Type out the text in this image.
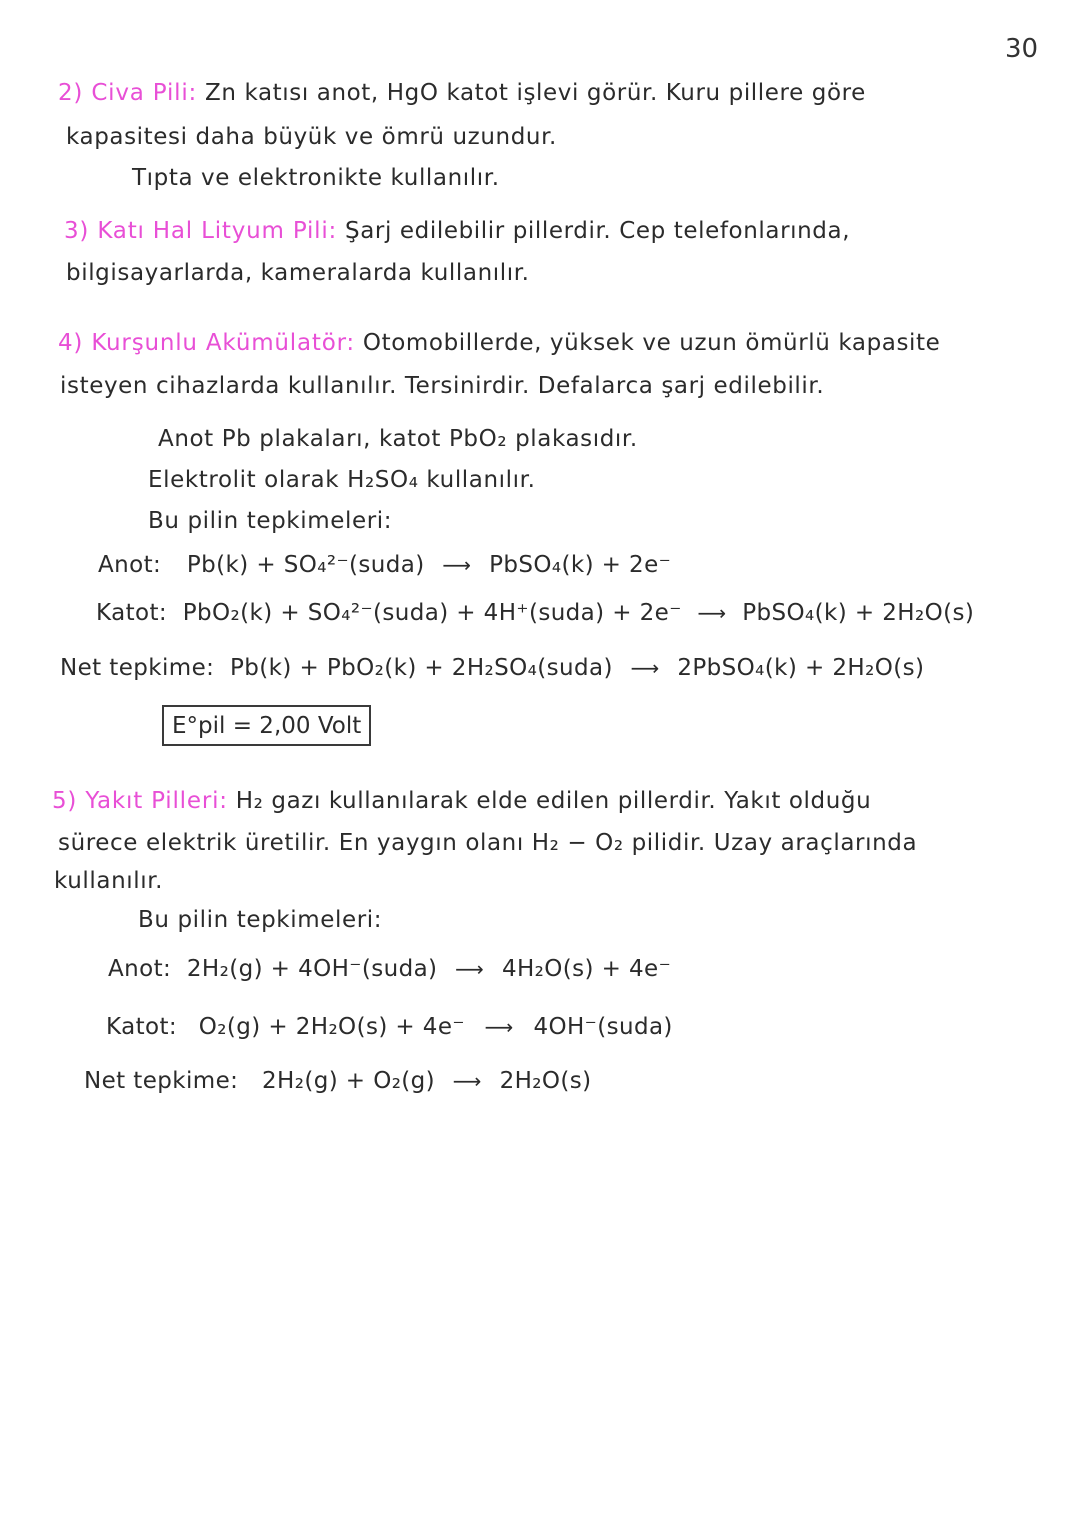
30
2) Civa Pili: Zn katısı anot, HgO katot işlevi görür. Kuru pillere göre
kapasitesi daha büyük ve ömrü uzundur.
Tıpta ve elektronikte kullanılır.
3) Katı Hal Lityum Pili: Şarj edilebilir pillerdir. Cep telefonlarında,
bilgisayarlarda, kameralarda kullanılır.
4) Kurşunlu Akümülatör: Otomobillerde, yüksek ve uzun ömürlü kapasite
isteyen cihazlarda kullanılır. Tersinirdir. Defalarca şarj edilebilir.
Anot Pb plakaları, katot PbO₂ plakasıdır.
Elektrolit olarak H₂SO₄ kullanılır.
Bu pilin tepkimeleri:
Anot: Pb(k) + SO₄²⁻(suda) ⟶ PbSO₄(k) + 2e⁻
Katot: PbO₂(k) + SO₄²⁻(suda) + 4H⁺(suda) + 2e⁻ ⟶ PbSO₄(k) + 2H₂O(s)
Net tepkime: Pb(k) + PbO₂(k) + 2H₂SO₄(suda) ⟶ 2PbSO₄(k) + 2H₂O(s)
E°pil = 2,00 Volt
5) Yakıt Pilleri: H₂ gazı kullanılarak elde edilen pillerdir. Yakıt olduğu
sürece elektrik üretilir. En yaygın olanı H₂ − O₂ pilidir. Uzay araçlarında
kullanılır.
Bu pilin tepkimeleri:
Anot: 2H₂(g) + 4OH⁻(suda) ⟶ 4H₂O(s) + 4e⁻
Katot: O₂(g) + 2H₂O(s) + 4e⁻ ⟶ 4OH⁻(suda)
Net tepkime: 2H₂(g) + O₂(g) ⟶ 2H₂O(s)
